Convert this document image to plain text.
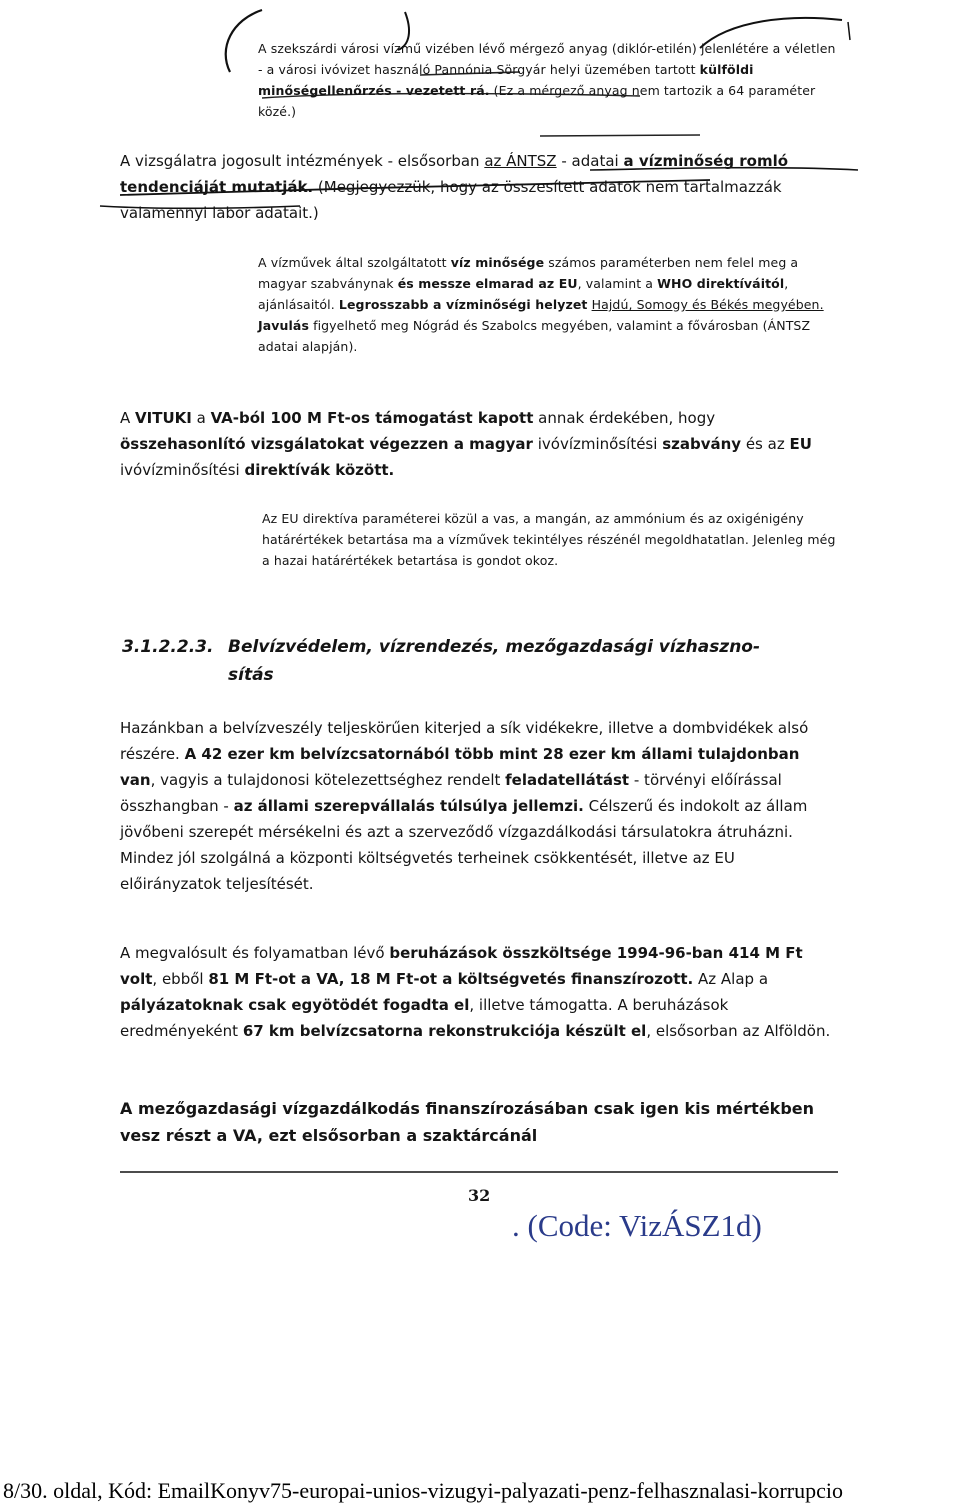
A szekszárdi városi vízmű vizében lévő mérgező anyag (diklór-etilén) jelenlétére a véletlen - a városi ivóvizet használó Pannónia Sörgyár helyi üzemében tartott külföldi minőségellenőrzés - vezetett rá. (Ez a mérgező anyag nem tartozik a 64 paraméter közé.)

A vizsgálatra jogosult intézmények - elsősorban az ÁNTSZ - adatai a vízminőség romló tendenciáját mutatják. (Megjegyezzük, hogy az összesített adatok nem tartalmazzák valamennyi labor adatait.)

A vízművek által szolgáltatott víz minősége számos paraméterben nem felel meg a magyar szabványnak és messze elmarad az EU, valamint a WHO direktíváitól, ajánlásaitól. Legrosszabb a vízminőségi helyzet Hajdú, Somogy és Békés megyében. Javulás figyelhető meg Nógrád és Szabolcs megyében, valamint a fővárosban (ÁNTSZ adatai alapján).

A VITUKI a VA-ból 100 M Ft-os támogatást kapott annak érdekében, hogy összehasonlító vizsgálatokat végezzen a magyar ivóvízminősítési szabvány és az EU ivóvízminősítési direktívák között.

Az EU direktíva paraméterei közül a vas, a mangán, az ammónium és az oxigénigény határértékek betartása ma a vízművek tekintélyes részénél megoldhatatlan. Jelenleg még a hazai határértékek betartása is gondot okoz.

3.1.2.2.3. Belvízvédelem, vízrendezés, mezőgazdasági vízhaszno-
sítás

Hazánkban a belvízveszély teljeskörűen kiterjed a sík vidékekre, illetve a dombvidékek alsó részére. A 42 ezer km belvízcsatornából több mint 28 ezer km állami tulajdonban van, vagyis a tulajdonosi kötelezettséghez rendelt feladatellátást - törvényi előírással összhangban - az állami szerepvállalás túlsúlya jellemzi. Célszerű és indokolt az állam jövőbeni szerepét mérsékelni és azt a szerveződő vízgazdálkodási társulatokra átruházni. Mindez jól szolgálná a központi költségvetés terheinek csökkentését, illetve az EU előirányzatok teljesítését.

A megvalósult és folyamatban lévő beruházások összköltsége 1994-96-ban 414 M Ft volt, ebből 81 M Ft-ot a VA, 18 M Ft-ot a költségvetés finanszírozott. Az Alap a pályázatoknak csak egyötödét fogadta el, illetve támogatta. A beruházások eredményeként 67 km belvízcsatorna rekonstrukciója készült el, elsősorban az Alföldön.

A mezőgazdasági vízgazdálkodás finanszírozásában csak igen kis mértékben vesz részt a VA, ezt elsősorban a szaktárcánál

32
. (Code: VizÁSZ1d)
8/30. oldal, Kód: EmailKonyv75-europai-unios-vizugyi-palyazati-penz-felhasznalasi-korrupcio
